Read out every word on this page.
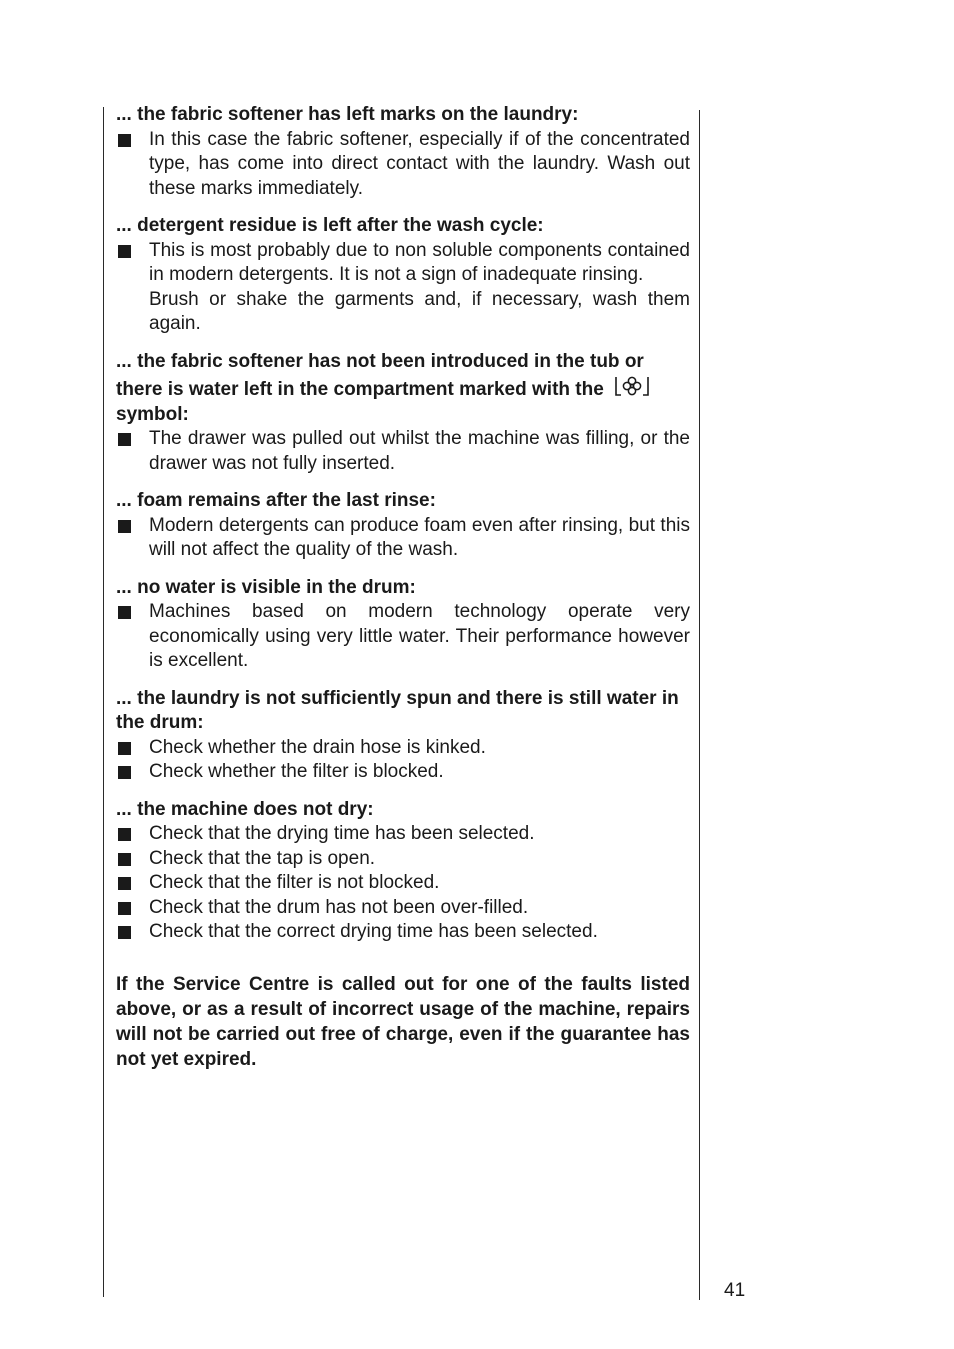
... the fabric softener has left marks on the laundry:

In this case the fabric softener, especially if of the concentrated type, has come into direct contact with the laundry. Wash out these marks immediately.

... detergent residue is left after the wash cycle:

This is most probably due to non soluble components contained in modern detergents. It is not a sign of inadequate rinsing.

Brush or shake the garments and, if necessary, wash them again.

... the fabric softener has not been introduced in the tub or there is water left in the compartment marked with the
symbol:

The drawer was pulled out whilst the machine was filling, or the drawer was not fully inserted.

... foam remains after the last rinse:

Modern detergents can produce foam even after rinsing, but this will not affect the quality of the wash.

... no water is visible in the drum:

Machines based on modern technology operate very economically using very little water. Their performance however is excellent.

... the laundry is not sufficiently spun and there is still water in the drum:

Check whether the drain hose is kinked.

Check whether the filter is blocked.

... the machine does not dry:

Check that the drying time has been selected.

Check that the tap is open.

Check that the filter is not blocked.

Check that the drum has not been over-filled.

Check that the correct drying time has been selected.

If the Service Centre is called out for one of the faults listed above, or as a result of incorrect usage of the machine, repairs will not be carried out free of charge, even if the guarantee has not yet expired.
41
